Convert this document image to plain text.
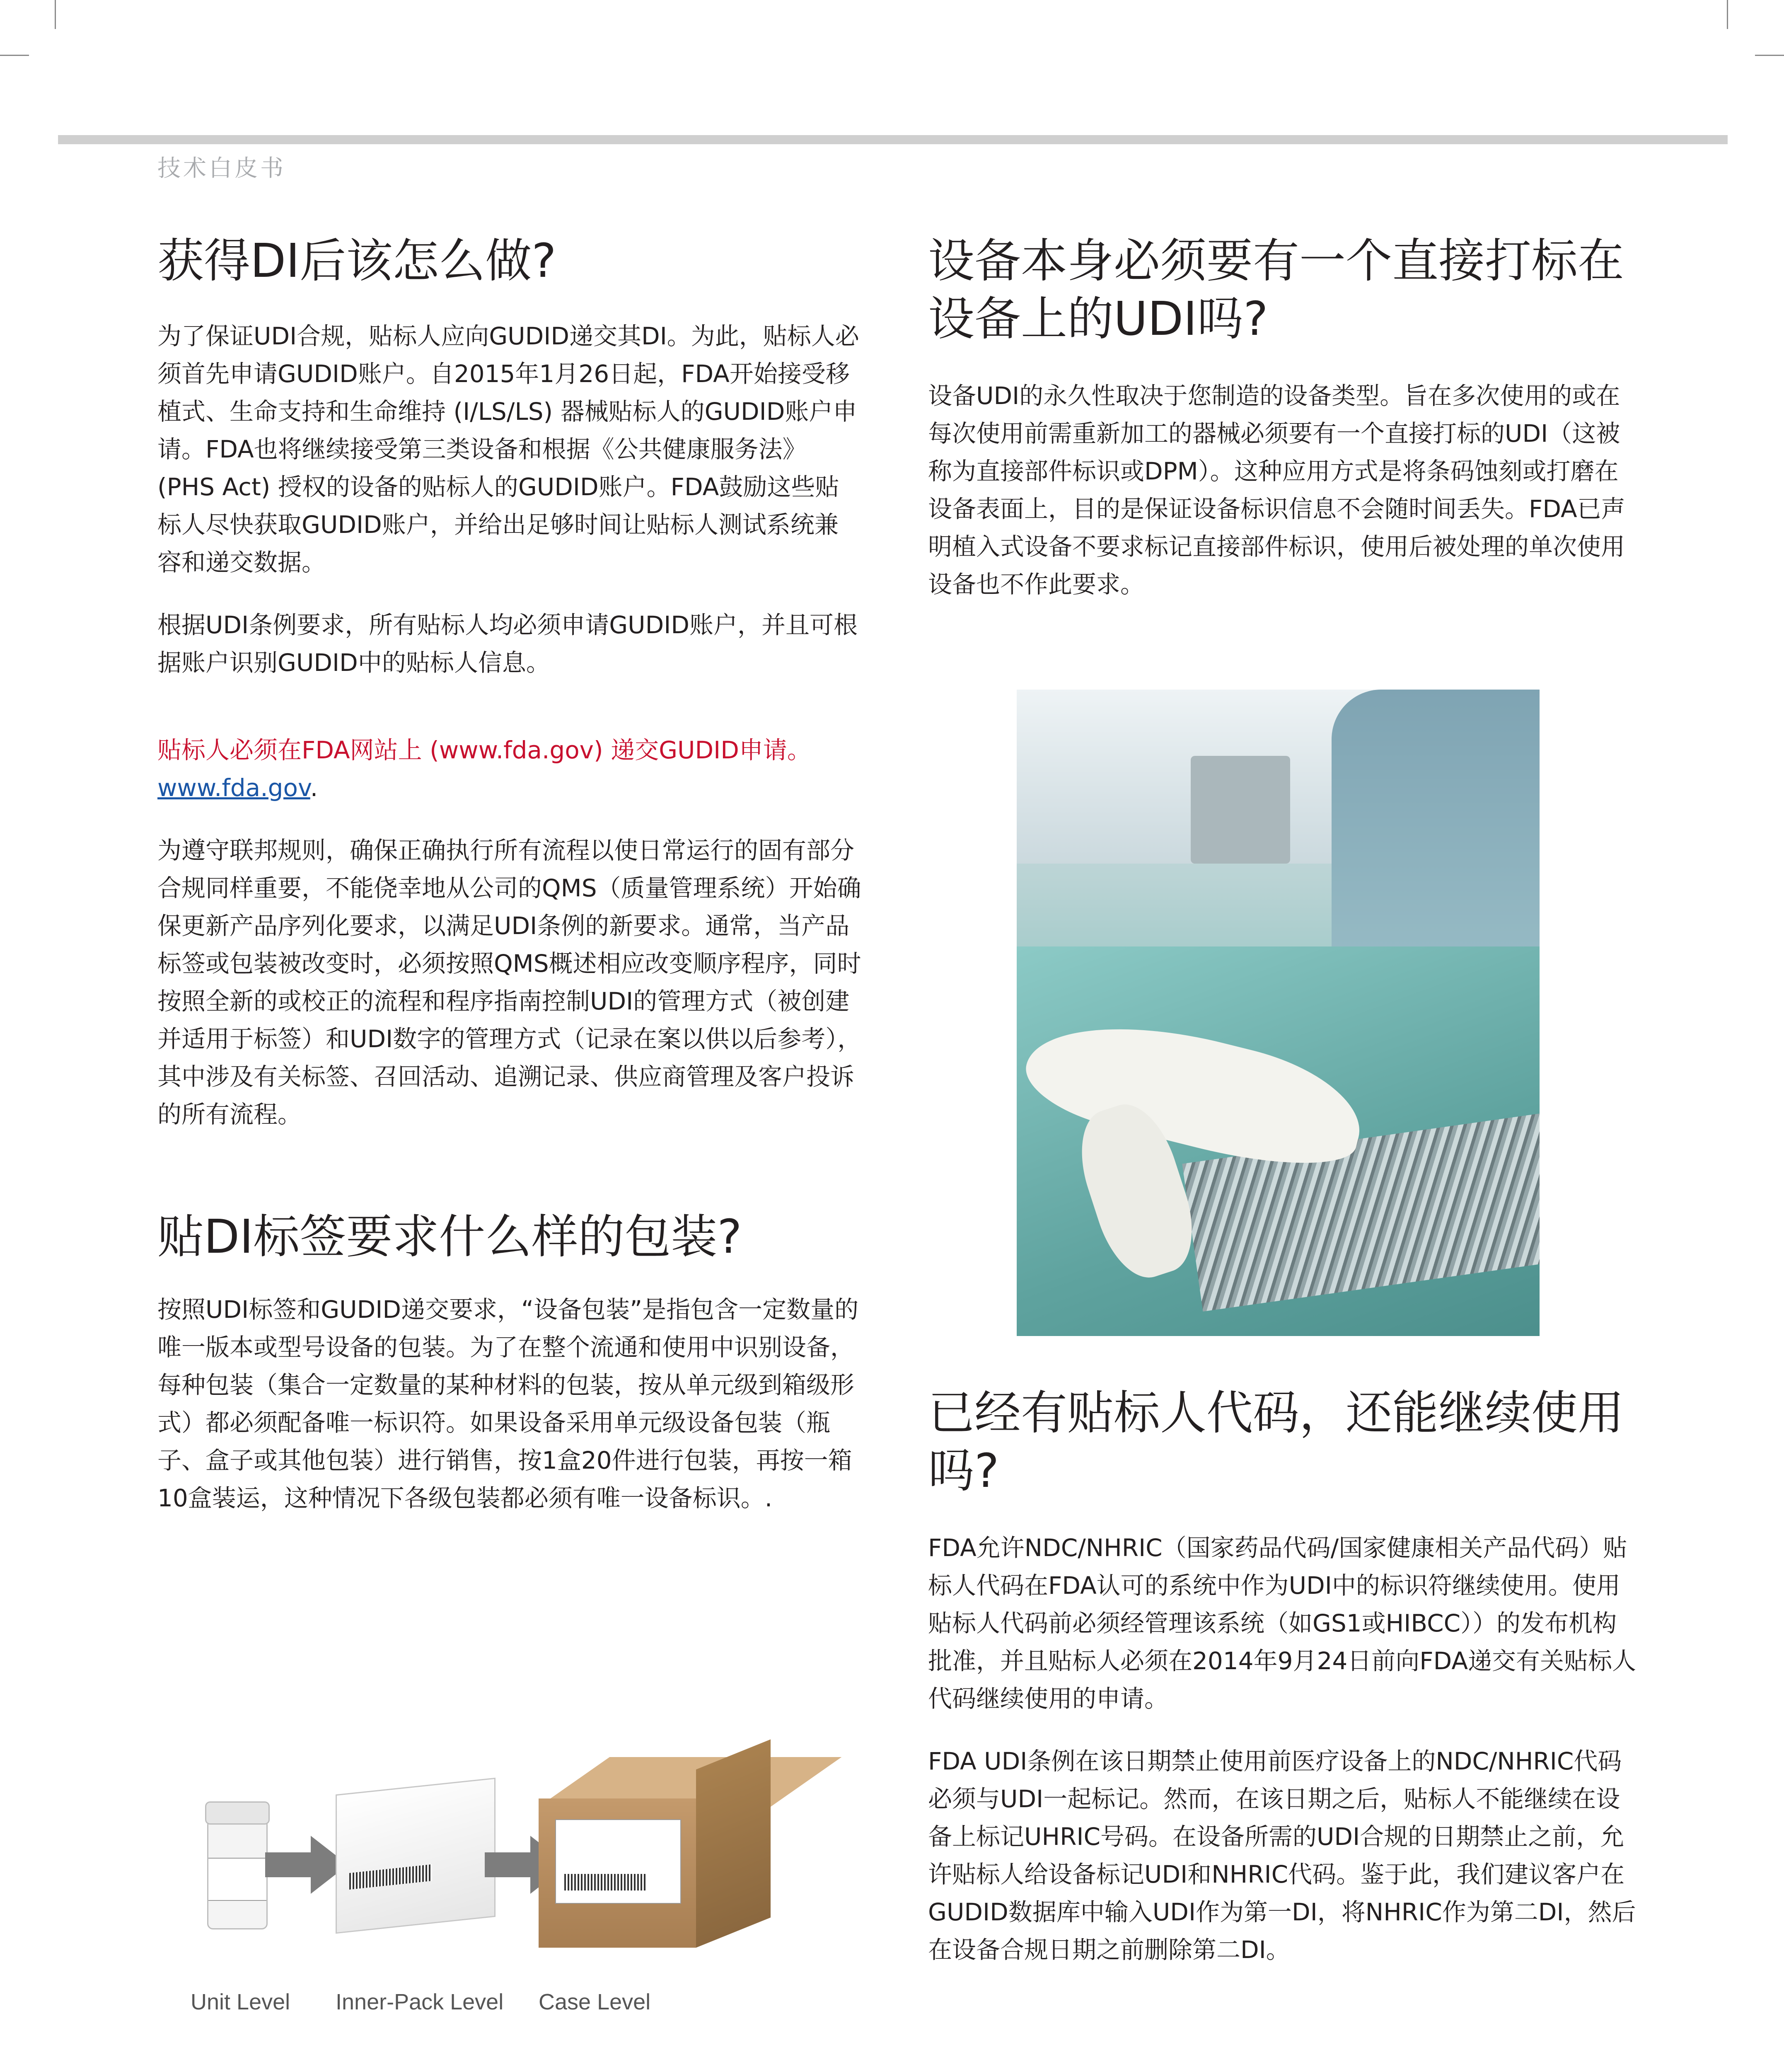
技术白皮书
获得DI后该怎么做?

为了保证UDI合规，贴标人应向GUDID递交其DI。为此，贴标人必须首先申请GUDID账户。自2015年1月26日起，FDA开始接受移植式、生命支持和生命维持 (I/LS/LS) 器械贴标人的GUDID账户申请。FDA也将继续接受第三类设备和根据《公共健康服务法》 (PHS Act) 授权的设备的贴标人的GUDID账户。FDA鼓励这些贴标人尽快获取GUDID账户，并给出足够时间让贴标人测试系统兼容和递交数据。

根据UDI条例要求，所有贴标人均必须申请GUDID账户，并且可根据账户识别GUDID中的贴标人信息。

贴标人必须在FDA网站上 (www.fda.gov) 递交GUDID申请。  www.fda.gov.

为遵守联邦规则，确保正确执行所有流程以使日常运行的固有部分合规同样重要，不能侥幸地从公司的QMS（质量管理系统）开始确保更新产品序列化要求，以满足UDI条例的新要求。通常，当产品标签或包装被改变时，必须按照QMS概述相应改变顺序程序，同时按照全新的或校正的流程和程序指南控制UDI的管理方式（被创建并适用于标签）和UDI数字的管理方式（记录在案以供以后参考），其中涉及有关标签、召回活动、追溯记录、供应商管理及客户投诉的所有流程。

贴DI标签要求什么样的包装?

按照UDI标签和GUDID递交要求，“设备包装”是指包含一定数量的唯一版本或型号设备的包装。为了在整个流通和使用中识别设备，每种包装（集合一定数量的某种材料的包装，按从单元级到箱级形式）都必须配备唯一标识符。如果设备采用单元级设备包装（瓶子、盒子或其他包装）进行销售，按1盒20件进行包装，再按一箱10盒装运，这种情况下各级包装都必须有唯一设备标识。.

Unit Level Inner-Pack Level Case Level
设备本身必须要有一个直接打标在设备上的UDI吗?

设备UDI的永久性取决于您制造的设备类型。旨在多次使用的或在每次使用前需重新加工的器械必须要有一个直接打标的UDI（这被称为直接部件标识或DPM）。这种应用方式是将条码蚀刻或打磨在设备表面上，目的是保证设备标识信息不会随时间丢失。FDA已声明植入式设备不要求标记直接部件标识，使用后被处理的单次使用设备也不作此要求。

已经有贴标人代码，还能继续使用吗?

FDA允许NDC/NHRIC（国家药品代码/国家健康相关产品代码）贴标人代码在FDA认可的系统中作为UDI中的标识符继续使用。使用贴标人代码前必须经管理该系统（如GS1或HIBCC））的发布机构批准，并且贴标人必须在2014年9月24日前向FDA递交有关贴标人代码继续使用的申请。

FDA UDI条例在该日期禁止使用前医疗设备上的NDC/NHRIC代码必须与UDI一起标记。然而，在该日期之后，贴标人不能继续在设备上标记UHRIC号码。在设备所需的UDI合规的日期禁止之前，允许贴标人给设备标记UDI和NHRIC代码。鉴于此，我们建议客户在GUDID数据库中输入UDI作为第一DI，将NHRIC作为第二DI，然后在设备合规日期之前删除第二DI。
